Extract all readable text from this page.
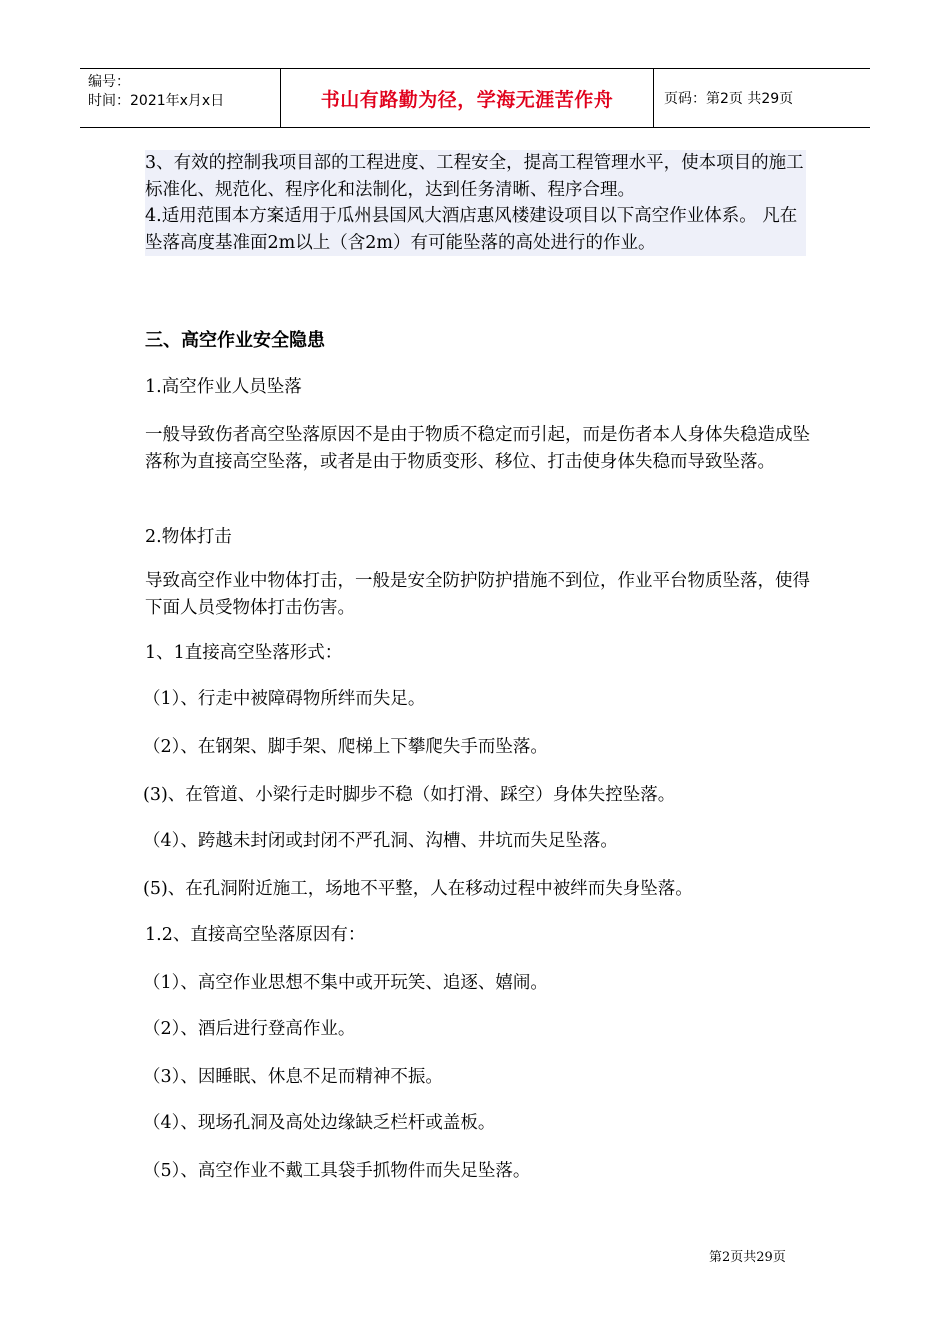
编号：
时间：2021年x月x日	书山有路勤为径，学海无涯苦作舟	页码：第2页 共29页

3、有效的控制我项目部的工程进度、工程安全，提高工程管理水平，使本项目的施工标准化、规范化、程序化和法制化，达到任务清晰、程序合理。

4.适用范围本方案适用于瓜州县国风大酒店惠风楼建设项目以下高空作业体系。 凡在坠落高度基准面2m以上（含2m）有可能坠落的高处进行的作业。

三、高空作业安全隐患

1.高空作业人员坠落

一般导致伤者高空坠落原因不是由于物质不稳定而引起，而是伤者本人身体失稳造成坠落称为直接高空坠落，或者是由于物质变形、移位、打击使身体失稳而导致坠落。

2.物体打击

导致高空作业中物体打击，一般是安全防护防护措施不到位，作业平台物质坠落，使得下面人员受物体打击伤害。

1、1直接高空坠落形式：

（1）、行走中被障碍物所绊而失足。

（2）、在钢架、脚手架、爬梯上下攀爬失手而坠落。

(3)、在管道、小梁行走时脚步不稳（如打滑、踩空）身体失控坠落。

（4）、跨越未封闭或封闭不严孔洞、沟槽、井坑而失足坠落。

(5)、在孔洞附近施工，场地不平整，人在移动过程中被绊而失身坠落。

1.2、直接高空坠落原因有：

（1）、高空作业思想不集中或开玩笑、追逐、嬉闹。

（2）、酒后进行登高作业。

（3）、因睡眠、休息不足而精神不振。

（4）、现场孔洞及高处边缘缺乏栏杆或盖板。

（5）、高空作业不戴工具袋手抓物件而失足坠落。

第2页共29页
